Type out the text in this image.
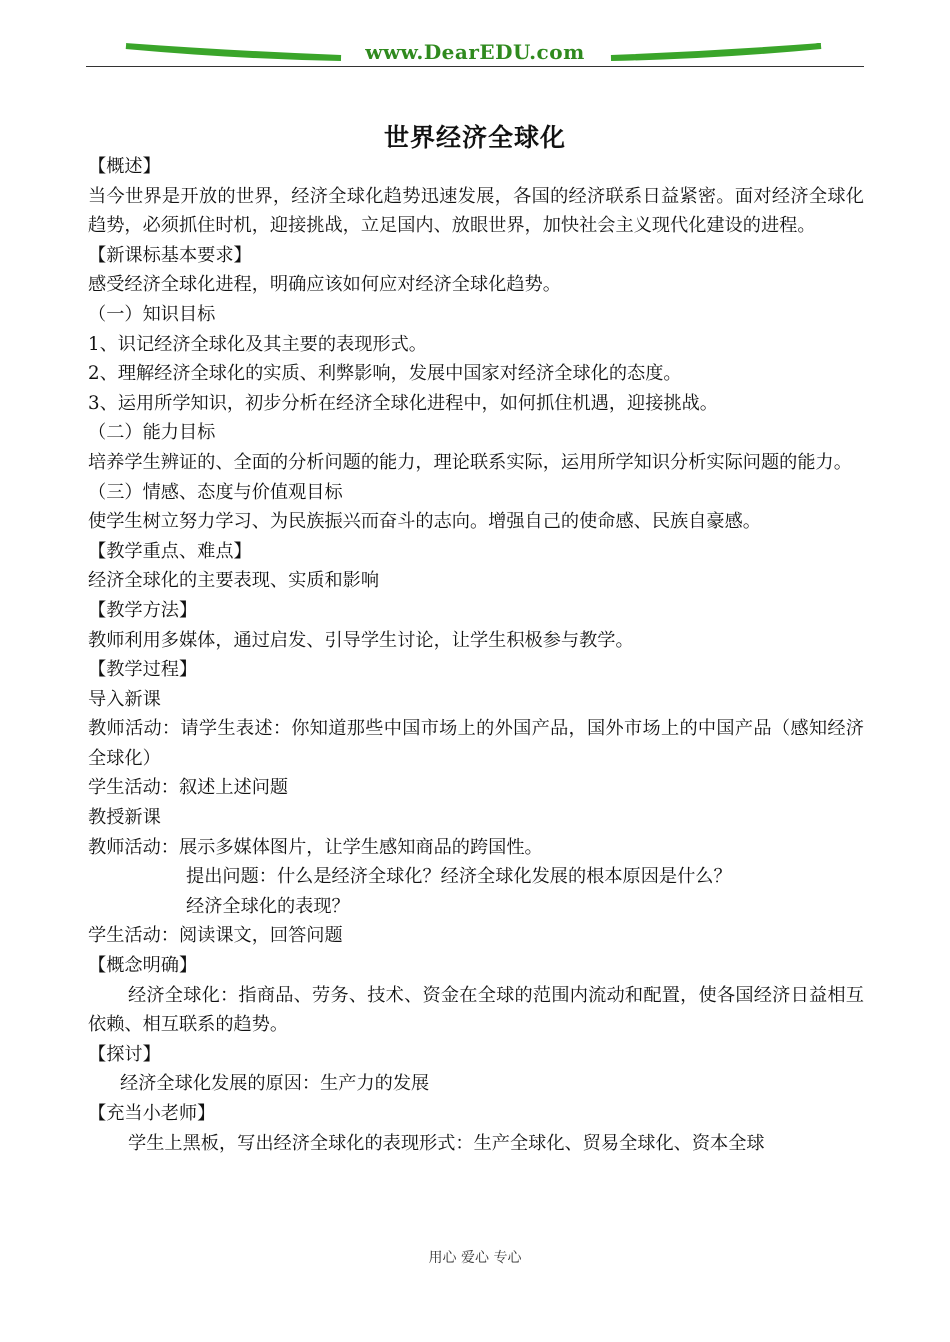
www.DearEDU.com
世界经济全球化

【概述】

当今世界是开放的世界，经济全球化趋势迅速发展，各国的经济联系日益紧密。面对经济全球化趋势，必须抓住时机，迎接挑战，立足国内、放眼世界，加快社会主义现代化建设的进程。

【新课标基本要求】

感受经济全球化进程，明确应该如何应对经济全球化趋势。

（一）知识目标

1、识记经济全球化及其主要的表现形式。

2、理解经济全球化的实质、利弊影响，发展中国家对经济全球化的态度。

3、运用所学知识，初步分析在经济全球化进程中，如何抓住机遇，迎接挑战。

（二）能力目标

培养学生辨证的、全面的分析问题的能力，理论联系实际，运用所学知识分析实际问题的能力。

（三）情感、态度与价值观目标

使学生树立努力学习、为民族振兴而奋斗的志向。增强自己的使命感、民族自豪感。

【教学重点、难点】

经济全球化的主要表现、实质和影响

【教学方法】

教师利用多媒体，通过启发、引导学生讨论，让学生积极参与教学。

【教学过程】

导入新课

教师活动：请学生表述：你知道那些中国市场上的外国产品，国外市场上的中国产品（感知经济全球化）

学生活动：叙述上述问题

教授新课

教师活动：展示多媒体图片，让学生感知商品的跨国性。

提出问题：什么是经济全球化？经济全球化发展的根本原因是什么？

经济全球化的表现？

学生活动：阅读课文，回答问题

【概念明确】

经济全球化：指商品、劳务、技术、资金在全球的范围内流动和配置，使各国经济日益相互依赖、相互联系的趋势。

【探讨】

经济全球化发展的原因：生产力的发展

【充当小老师】

学生上黑板，写出经济全球化的表现形式：生产全球化、贸易全球化、资本全球

用心 爱心 专心
